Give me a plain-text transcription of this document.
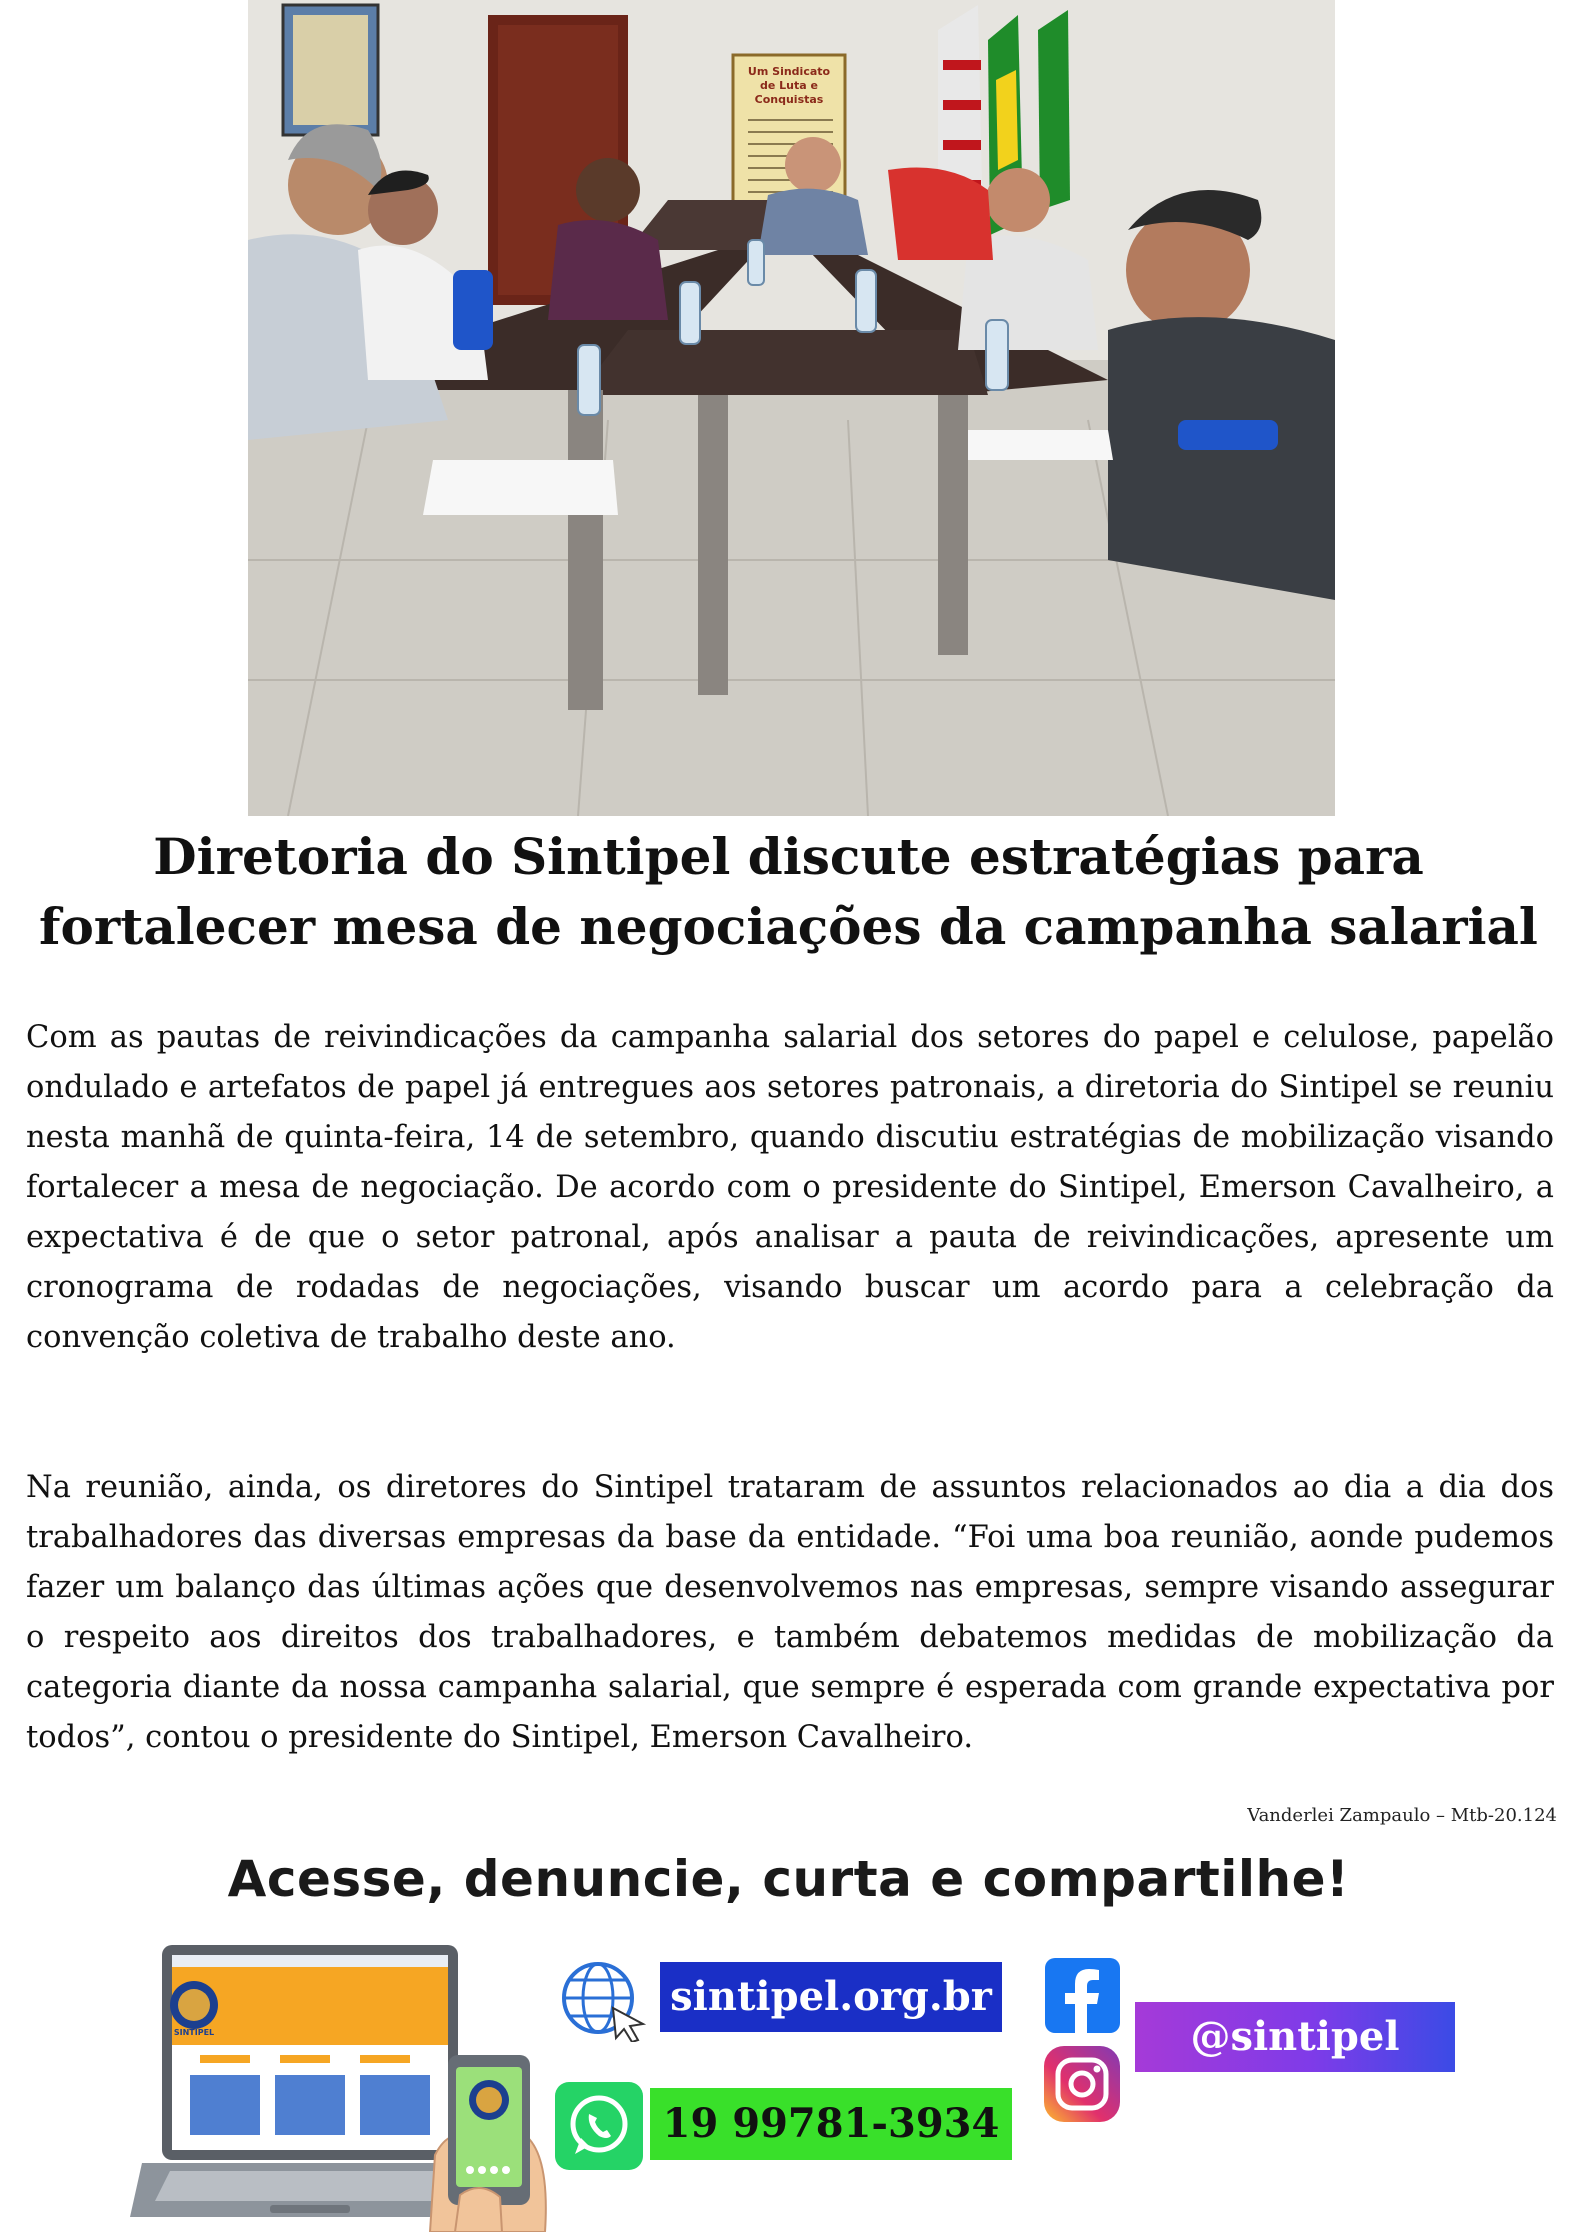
Um Sindicato
de Luta e
Conquistas
Diretoria do Sintipel discute estratégias para
fortalecer mesa de negociações da campanha salarial

Com as pautas de reivindicações da campanha salarial dos setores do papel e celulose, papelão ondulado e artefatos de papel já entregues aos setores patronais, a diretoria do Sintipel se reuniu nesta manhã de quinta-feira, 14 de setembro, quando discutiu estratégias de mobilização visando fortalecer a mesa de negociação. De acordo com o presidente do Sintipel, Emerson Cavalheiro, a expectativa é de que o setor patronal, após analisar a pauta de reivindicações, apresente um cronograma de rodadas de negociações, visando buscar um acordo para a celebração da convenção coletiva de trabalho deste ano.

Na reunião, ainda, os diretores do Sintipel trataram de assuntos relacionados ao dia a dia dos trabalhadores das diversas empresas da base da entidade. “Foi uma boa reunião, aonde pudemos fazer um balanço das últimas ações que desenvolvemos nas empresas, sempre visando assegurar o respeito aos direitos dos trabalhadores, e também debatemos medidas de mobilização da categoria diante da nossa campanha salarial, que sempre é esperada com grande expectativa por todos”, contou o presidente do Sintipel, Emerson Cavalheiro.

Vanderlei Zampaulo – Mtb-20.124
Acesse, denuncie, curta e compartilhe!
SINTIPEL
sintipel.org.br
@sintipel
19 99781-3934
